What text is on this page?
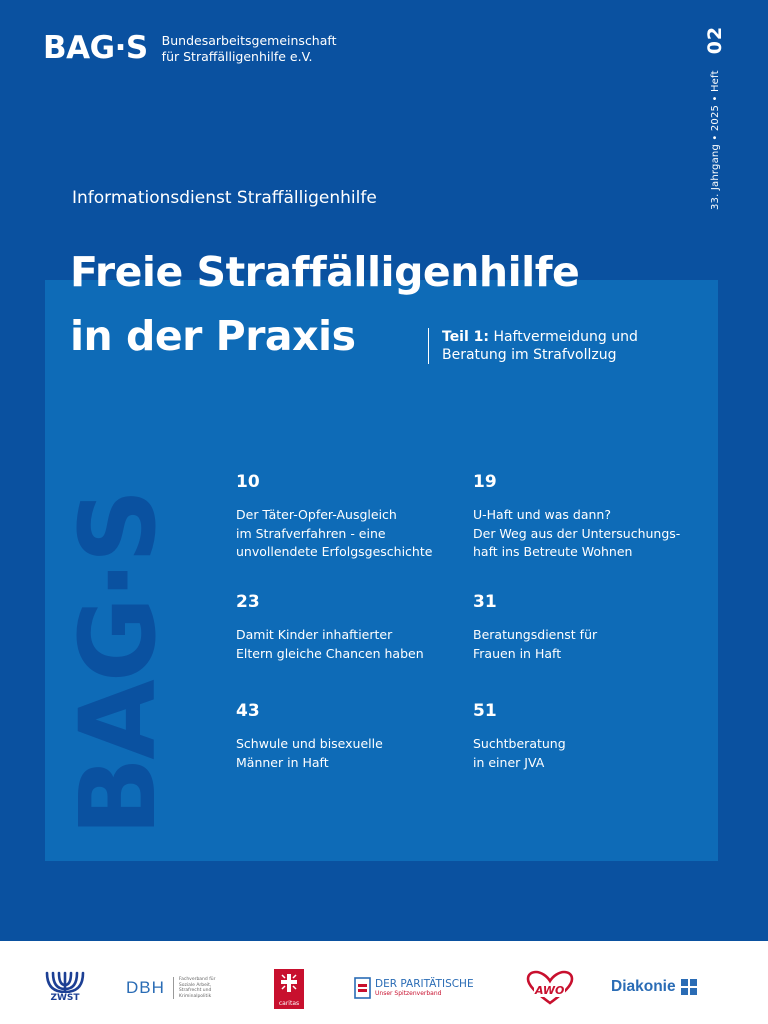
BAG·S
BAG·S Bundesarbeitsgemeinschaft
für Straffälligenhilfe e.V.
33. Jahrgang • 2025 • Heft
02
Informationsdienst Straffälligenhilfe
Freie Straffälligenhilfe
in der Praxis	Teil 1: Haftvermeidung und
Beratung im Strafvollzug
10
Der Täter-Opfer-Ausgleich
im Strafverfahren - eine
unvollendete Erfolgsgeschichte
19
U-Haft und was dann?
Der Weg aus der Untersuchungs-
haft ins Betreute Wohnen
23
Damit Kinder inhaftierter
Eltern gleiche Chancen haben
31
Beratungsdienst für
Frauen in Haft
43
Schwule und bisexuelle
Männer in Haft
51
Suchtberatung
in einer JVA
ZWST
DBH	Fachverband für
Soziale Arbeit,
Strafrecht und
Kriminalpolitik
caritas
DER PARITÄTISCHE
Unser Spitzenverband	AWO	Diakonie
